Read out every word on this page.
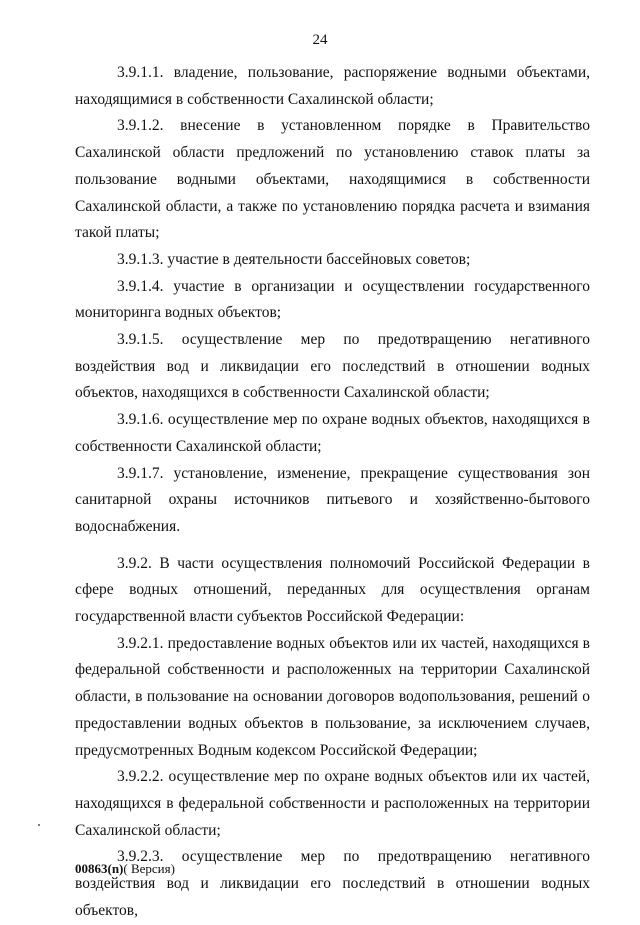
24

3.9.1.1. владение, пользование, распоряжение водными объектами, находящимися в собственности Сахалинской области;

3.9.1.2. внесение в установленном порядке в Правительство Сахалинской области предложений по установлению ставок платы за пользование водными объектами, находящимися в собственности Сахалинской области, а также по установлению порядка расчета и взимания такой платы;

3.9.1.3. участие в деятельности бассейновых советов;

3.9.1.4. участие в организации и осуществлении государственного мониторинга водных объектов;

3.9.1.5. осуществление мер по предотвращению негативного воздействия вод и ликвидации его последствий в отношении водных объектов, находящихся в собственности Сахалинской области;

3.9.1.6. осуществление мер по охране водных объектов, находящихся в собственности Сахалинской области;

3.9.1.7. установление, изменение, прекращение существования зон санитарной охраны источников питьевого и хозяйственно-бытового водоснабжения.

3.9.2. В части осуществления полномочий Российской Федерации в сфере водных отношений, переданных для осуществления органам государственной власти субъектов Российской Федерации:

3.9.2.1. предоставление водных объектов или их частей, находящихся в федеральной собственности и расположенных на территории Сахалинской области, в пользование на основании договоров водопользования, решений о предоставлении водных объектов в пользование, за исключением случаев, предусмотренных Водным кодексом Российской Федерации;

3.9.2.2. осуществление мер по охране водных объектов или их частей, находящихся в федеральной собственности и расположенных на территории Сахалинской области;

3.9.2.3. осуществление мер по предотвращению негативного воздействия вод и ликвидации его последствий в отношении водных объектов,

00863(n)( Версия)
